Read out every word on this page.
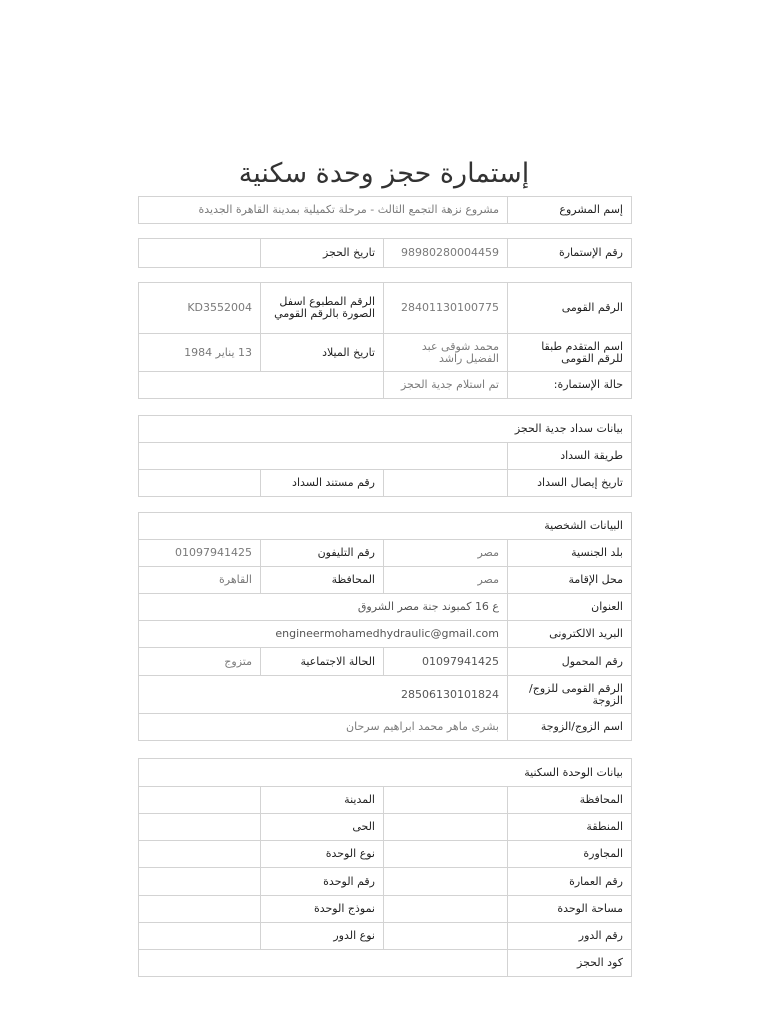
إستمارة حجز وحدة سكنية
إسم المشروع	مشروع نزهة التجمع الثالث - مرحلة تكميلية بمدينة القاهرة الجديدة
رقم الإستمارة	98980280004459	تاريخ الحجز	
الرقم القومى	28401130100775	الرقم المطبوع اسفل الصورة بالرقم القومي	KD3552004
اسم المتقدم طبقا للرقم القومى	محمد شوقى عبد الفضيل راشد	تاريخ الميلاد	13 يناير 1984
حالة الإستمارة:	تم استلام جدية الحجز		
بيانات سداد جدية الحجز			
طريقة السداد			
تاريخ إيصال السداد		رقم مستند السداد	
البيانات الشخصية			
بلد الجنسية	مصر	رقم التليفون	01097941425
محل الإقامة	مصر	المحافظة	القاهرة
العنوان	ع 16 كمبوند جنة مصر الشروق		
البريد الالكترونى	engineermohamedhydraulic@gmail.com		
رقم المحمول	01097941425	الحالة الاجتماعية	متزوج
الرقم القومى للزوج/ الزوجة	28506130101824		
اسم الزوج/الزوجة	بشرى ماهر محمد ابراهيم سرحان		
بيانات الوحدة السكنية			
المحافظة		المدينة	
المنطقة		الحى	
المجاورة		نوع الوحدة	
رقم العمارة		رقم الوحدة	
مساحة الوحدة		نموذج الوحدة	
رقم الدور		نوع الدور	
كود الحجز			
